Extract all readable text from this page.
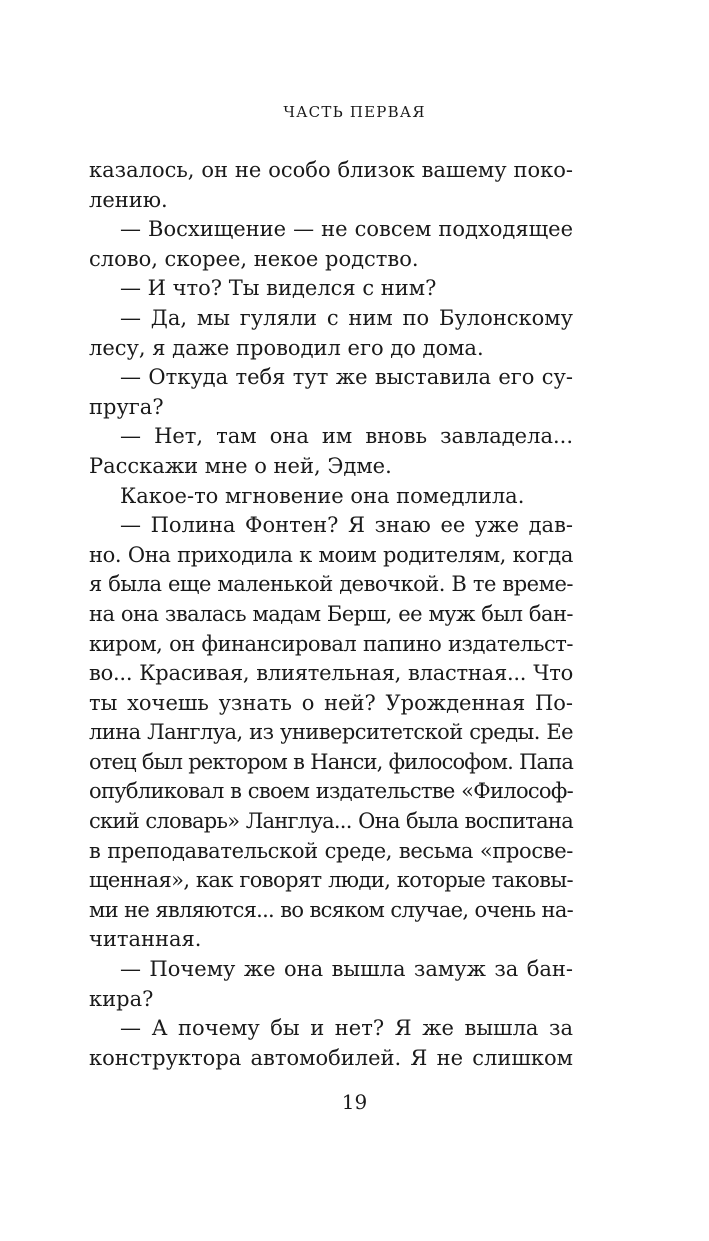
ЧАСТЬ ПЕРВАЯ
казалось, он не особо близок вашему поко-
лению.
— Восхищение — не совсем подходящее
слово, скорее, некое родство.
— И что? Ты виделся с ним?
— Да, мы гуляли с ним по Булонскому
лесу, я даже проводил его до дома.
— Откуда тебя тут же выставила его су-
пруга?
— Нет, там она им вновь завладела...
Расскажи мне о ней, Эдме.
Какое-то мгновение она помедлила.
— Полина Фонтен? Я знаю ее уже дав-
но. Она приходила к моим родителям, когда
я была еще маленькой девочкой. В те време-
на она звалась мадам Берш, ее муж был бан-
киром, он финансировал папино издательст-
во... Красивая, влиятельная, властная... Что
ты хочешь узнать о ней? Урожденная По-
лина Ланглуа, из университетской среды. Ее
отец был ректором в Нанси, философом. Папа
опубликовал в своем издательстве «Философ-
ский словарь» Ланглуа... Она была воспитана
в преподавательской среде, весьма «просве-
щенная», как говорят люди, которые таковы-
ми не являются... во всяком случае, очень на-
читанная.
— Почему же она вышла замуж за бан-
кира?
— А почему бы и нет? Я же вышла за
конструктора автомобилей. Я не слишком
19
